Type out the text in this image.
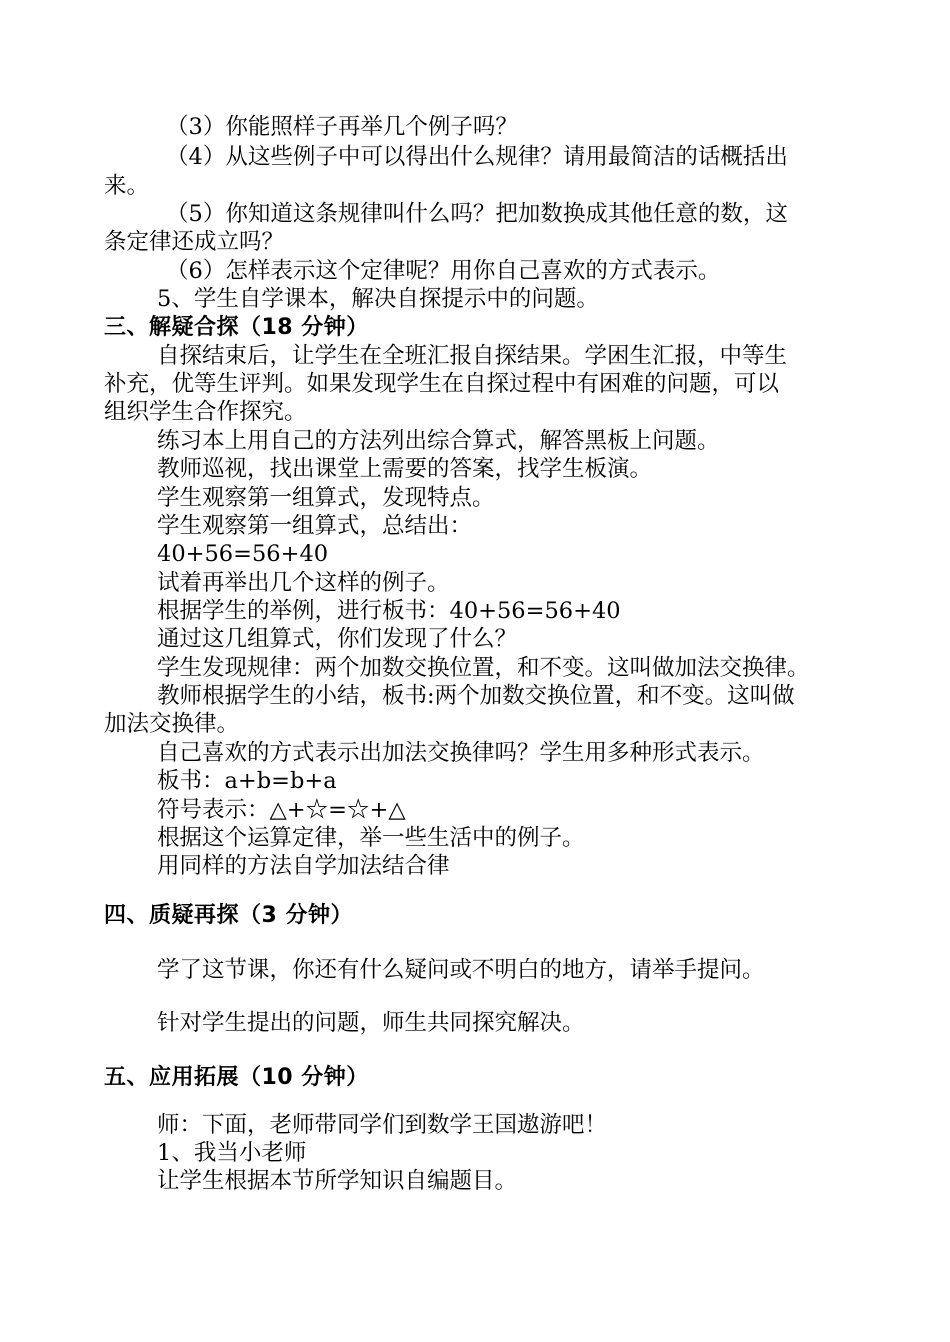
（3）你能照样子再举几个例子吗？

（4）从这些例子中可以得出什么规律？请用最简洁的话概括出

来。

（5）你知道这条规律叫什么吗？把加数换成其他任意的数，这

条定律还成立吗？

（6）怎样表示这个定律呢？用你自己喜欢的方式表示。

5、学生自学课本，解决自探提示中的问题。

三、解疑合探（18 分钟）

自探结束后，让学生在全班汇报自探结果。学困生汇报，中等生

补充，优等生评判。如果发现学生在自探过程中有困难的问题，可以

组织学生合作探究。

练习本上用自己的方法列出综合算式，解答黑板上问题。

教师巡视，找出课堂上需要的答案，找学生板演。

学生观察第一组算式，发现特点。

学生观察第一组算式，总结出：

40+56=56+40

试着再举出几个这样的例子。

根据学生的举例，进行板书：40+56=56+40

通过这几组算式，你们发现了什么？

学生发现规律：两个加数交换位置，和不变。这叫做加法交换律。

教师根据学生的小结，板书:两个加数交换位置，和不变。这叫做

加法交换律。

自己喜欢的方式表示出加法交换律吗？学生用多种形式表示。

板书：a+b=b+a

符号表示：△+☆=☆+△

根据这个运算定律，举一些生活中的例子。

用同样的方法自学加法结合律

四、质疑再探（3 分钟）

学了这节课，你还有什么疑问或不明白的地方，请举手提问。

针对学生提出的问题，师生共同探究解决。

五、应用拓展（10 分钟）

师：下面，老师带同学们到数学王国遨游吧！

1、我当小老师

让学生根据本节所学知识自编题目。
